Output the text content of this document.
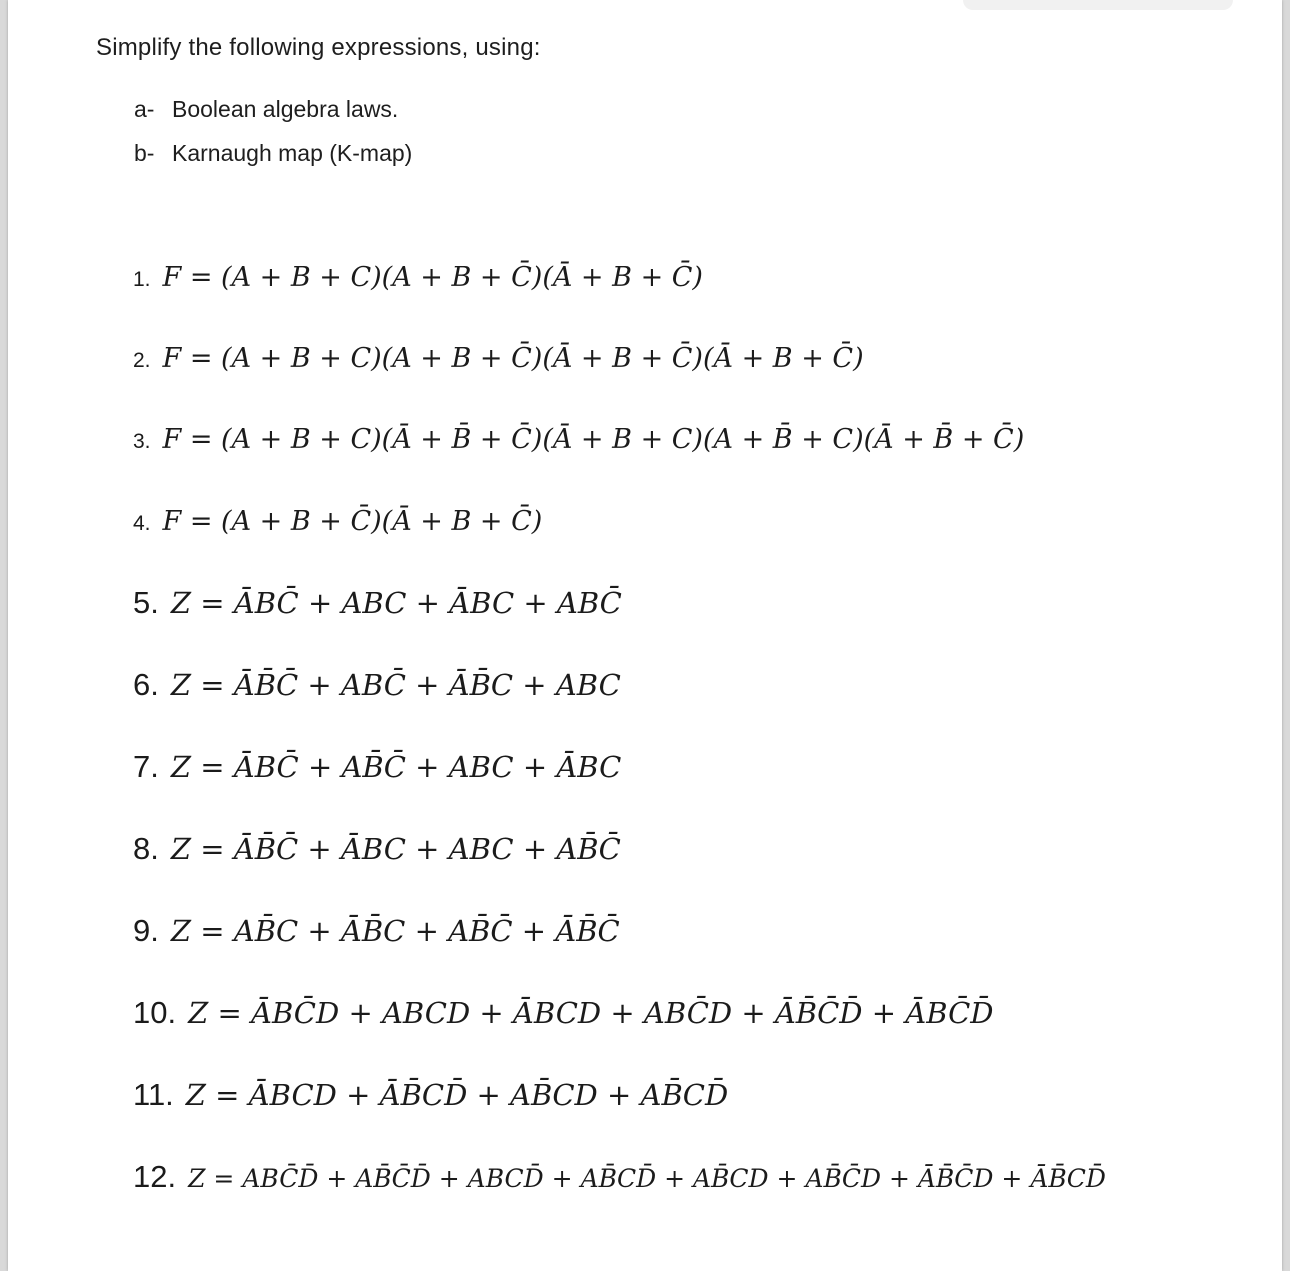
Simplify the following expressions, using:
a- Boolean algebra laws.
b- Karnaugh map (K-map)
1. F = (A + B + C)(A + B + C̄)(Ā + B + C̄)
2. F = (A + B + C)(A + B + C̄)(Ā + B + C̄)(Ā + B + C̄)
3. F = (A + B + C)(Ā + B̄ + C̄)(Ā + B + C)(A + B̄ + C)(Ā + B̄ + C̄)
4. F = (A + B + C̄)(Ā + B + C̄)
5. Z = ĀBC̄ + ABC + ĀBC + ABC̄
6. Z = ĀB̄C̄ + ABC̄ + ĀB̄C + ABC
7. Z = ĀBC̄ + AB̄C̄ + ABC + ĀBC
8. Z = ĀB̄C̄ + ĀBC + ABC + AB̄C̄
9. Z = AB̄C + ĀB̄C + AB̄C̄ + ĀB̄C̄
10. Z = ĀBC̄D + ABCD + ĀBCD + ABC̄D + ĀB̄C̄D̄ + ĀBC̄D̄
11. Z = ĀBCD + ĀB̄CD̄ + AB̄CD + AB̄CD̄
12. Z = ABC̄D̄ + AB̄C̄D̄ + ABCD̄ + AB̄CD̄ + AB̄CD + AB̄C̄D + ĀB̄C̄D + ĀB̄CD̄
